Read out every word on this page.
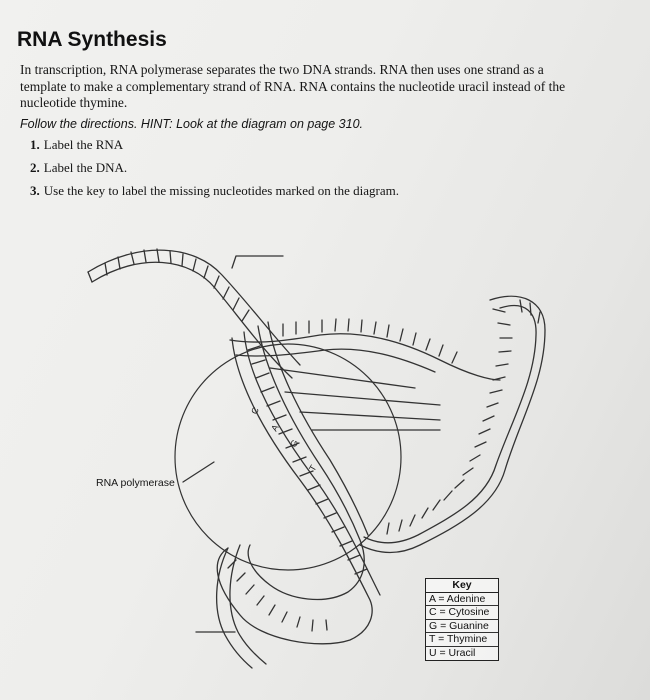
RNA Synthesis

In transcription, RNA polymerase separates the two DNA strands. RNA then uses one strand as a template to make a complementary strand of RNA. RNA contains the nucleotide uracil instead of the nucleotide thymine.

Follow the directions. HINT: Look at the diagram on page 310.

1. Label the RNA
2. Label the DNA.
3. Use the key to label the missing nucleotides marked on the diagram.
C
A
G
T
RNA polymerase
Key
A = Adenine
C = Cytosine
G = Guanine
T = Thymine
U = Uracil
